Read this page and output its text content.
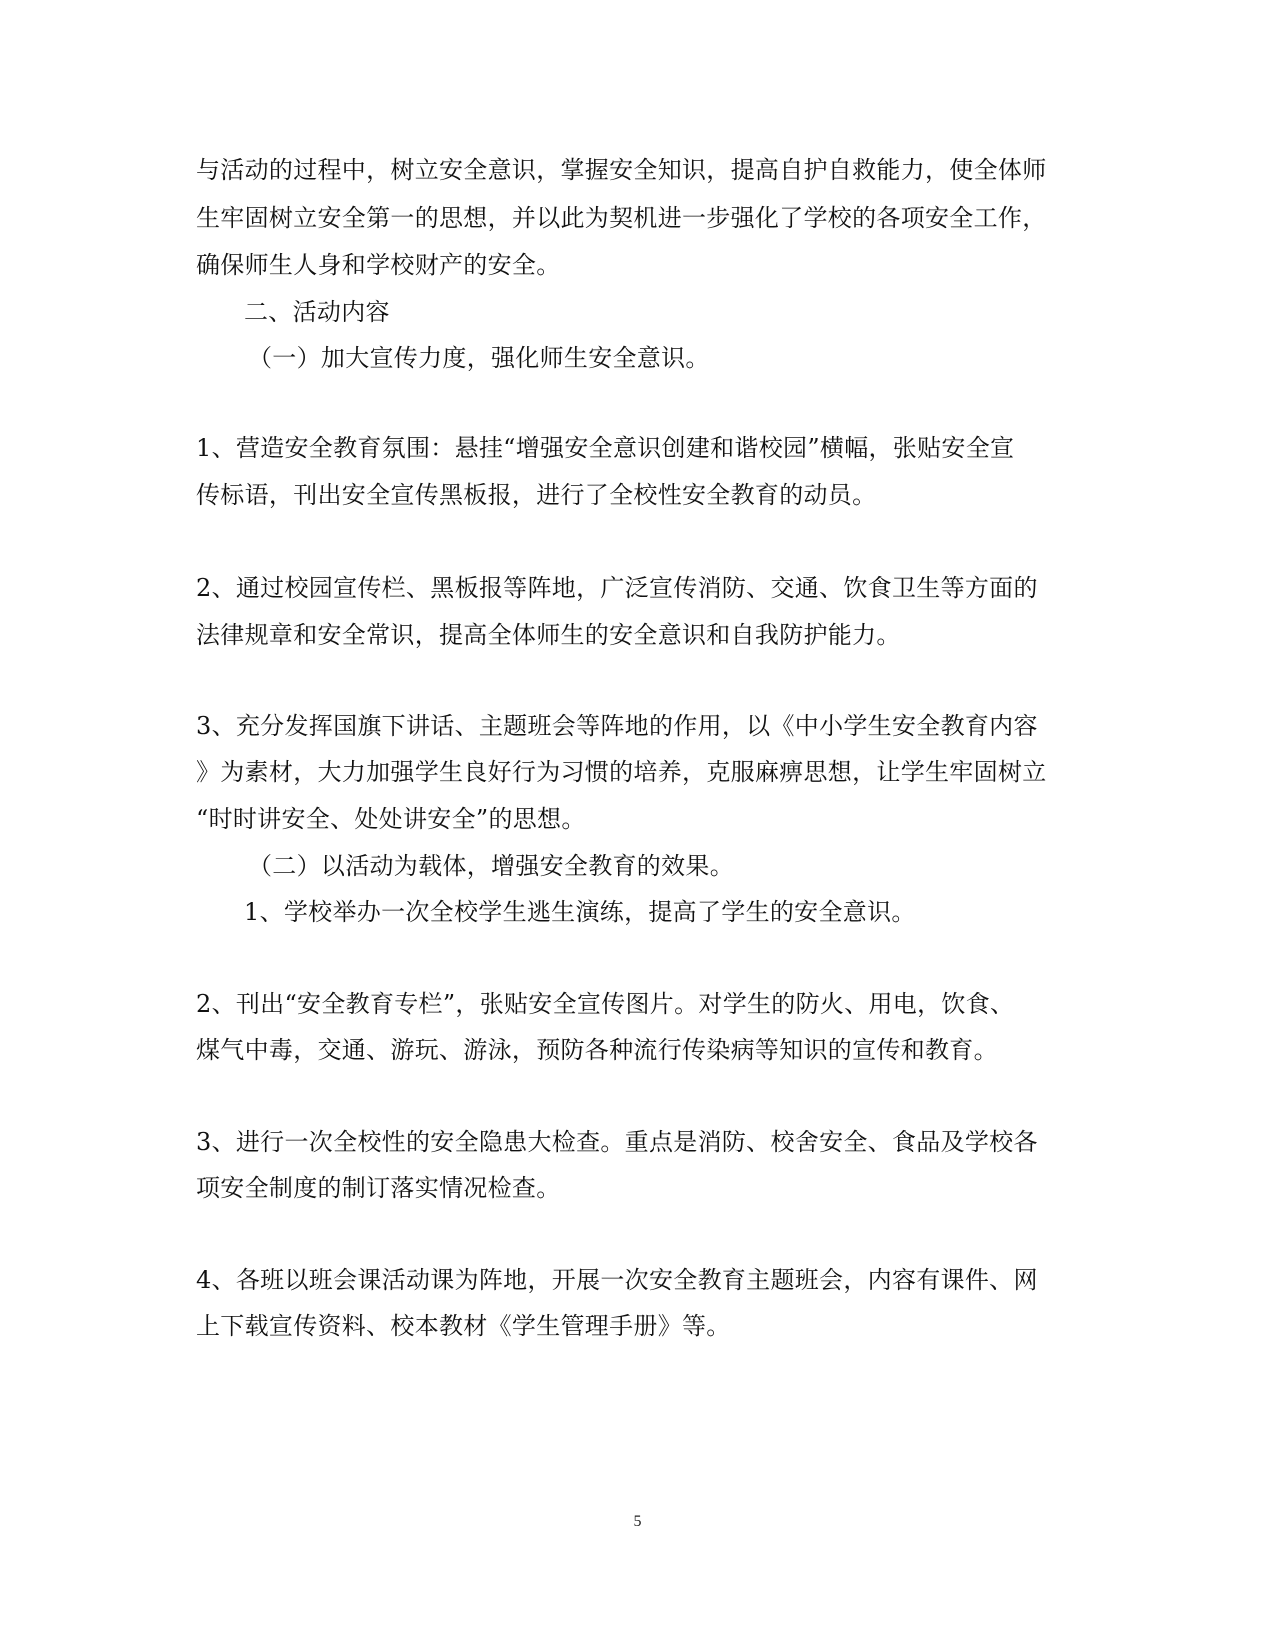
与活动的过程中，树立安全意识，掌握安全知识，提高自护自救能力，使全体师
生牢固树立安全第一的思想，并以此为契机进一步强化了学校的各项安全工作，
确保师生人身和学校财产的安全。
二、活动内容
（一）加大宣传力度，强化师生安全意识。
1、营造安全教育氛围：悬挂“增强安全意识创建和谐校园”横幅，张贴安全宣
传标语，刊出安全宣传黑板报，进行了全校性安全教育的动员。
2、通过校园宣传栏、黑板报等阵地，广泛宣传消防、交通、饮食卫生等方面的
法律规章和安全常识，提高全体师生的安全意识和自我防护能力。
3、充分发挥国旗下讲话、主题班会等阵地的作用，以《中小学生安全教育内容
》为素材，大力加强学生良好行为习惯的培养，克服麻痹思想，让学生牢固树立
“时时讲安全、处处讲安全”的思想。
（二）以活动为载体，增强安全教育的效果。
1、学校举办一次全校学生逃生演练，提高了学生的安全意识。
2、刊出“安全教育专栏”，张贴安全宣传图片。对学生的防火、用电，饮食、
煤气中毒，交通、游玩、游泳，预防各种流行传染病等知识的宣传和教育。
3、进行一次全校性的安全隐患大检查。重点是消防、校舍安全、食品及学校各
项安全制度的制订落实情况检查。
4、各班以班会课活动课为阵地，开展一次安全教育主题班会，内容有课件、网
上下载宣传资料、校本教材《学生管理手册》等。
5
